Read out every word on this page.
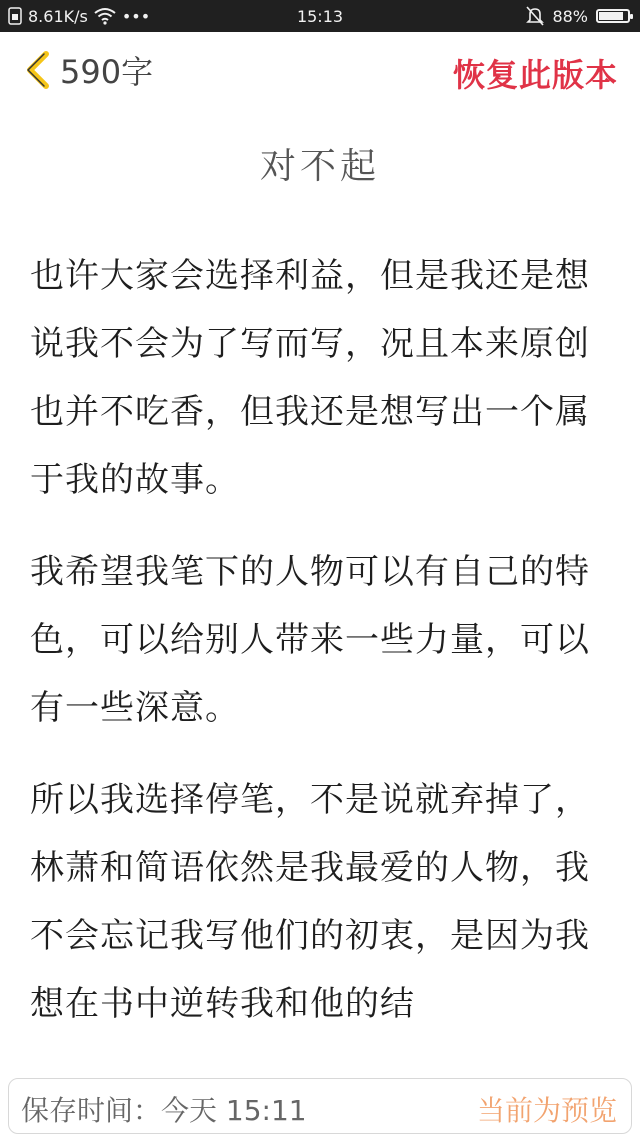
8.61K/s •••	15:13	88%
590字	恢复此版本
对不起

也许大家会选择利益，但是我还是想说我不会为了写而写，况且本来原创也并不吃香，但我还是想写出一个属于我的故事。

我希望我笔下的人物可以有自己的特色，可以给别人带来一些力量，可以有一些深意。

所以我选择停笔，不是说就弃掉了，林萧和简语依然是我最爱的人物，我不会忘记我写他们的初衷，是因为我想在书中逆转我和他的结

保存时间：今天 15:11	当前为预览
